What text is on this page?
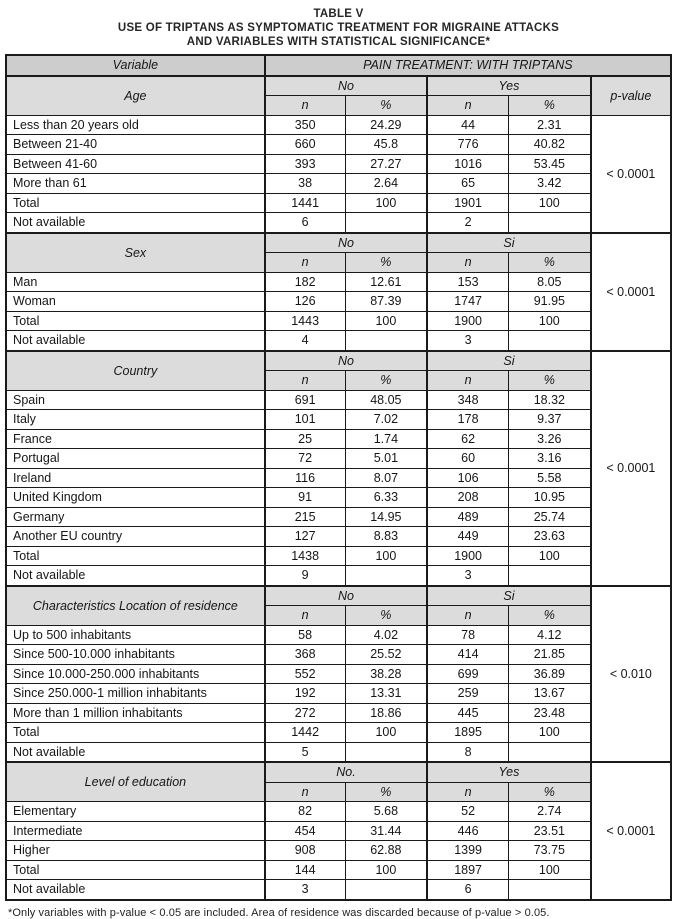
TABLE V
USE OF TRIPTANS AS SYMPTOMATIC TREATMENT FOR MIGRAINE ATTACKS
AND VARIABLES WITH STATISTICAL SIGNIFICANCE*
Variable	PAIN TREATMENT: WITH TRIPTANS				
Age	No		Yes		p-value
	n	%	n	%	
Less than 20 years old	350	24.29	44	2.31	< 0.0001
Between 21-40	660	45.8	776	40.82	
Between 41-60	393	27.27	1016	53.45	
More than 61	38	2.64	65	3.42	
Total	1441	100	1901	100	
Not available	6		2		
Sex	No		Si		< 0.0001
	n	%	n	%	
Man	182	12.61	153	8.05	
Woman	126	87.39	1747	91.95	
Total	1443	100	1900	100	
Not available	4		3		
Country	No		Si		< 0.0001
	n	%	n	%	
Spain	691	48.05	348	18.32	
Italy	101	7.02	178	9.37	
France	25	1.74	62	3.26	
Portugal	72	5.01	60	3.16	
Ireland	116	8.07	106	5.58	
United Kingdom	91	6.33	208	10.95	
Germany	215	14.95	489	25.74	
Another EU country	127	8.83	449	23.63	
Total	1438	100	1900	100	
Not available	9		3		
Characteristics Location of residence	No		Si		< 0.010
	n	%	n	%	
Up to 500 inhabitants	58	4.02	78	4.12	
Since 500-10.000 inhabitants	368	25.52	414	21.85	
Since 10.000-250.000 inhabitants	552	38.28	699	36.89	
Since 250.000-1 million inhabitants	192	13.31	259	13.67	
More than 1 million inhabitants	272	18.86	445	23.48	
Total	1442	100	1895	100	
Not available	5		8		
Level of education	No.		Yes		< 0.0001
	n	%	n	%	
Elementary	82	5.68	52	2.74	
Intermediate	454	31.44	446	23.51	
Higher	908	62.88	1399	73.75	
Total	144	100	1897	100	
Not available	3		6		
*Only variables with p-value < 0.05 are included. Area of residence was discarded because of p-value > 0.05.
